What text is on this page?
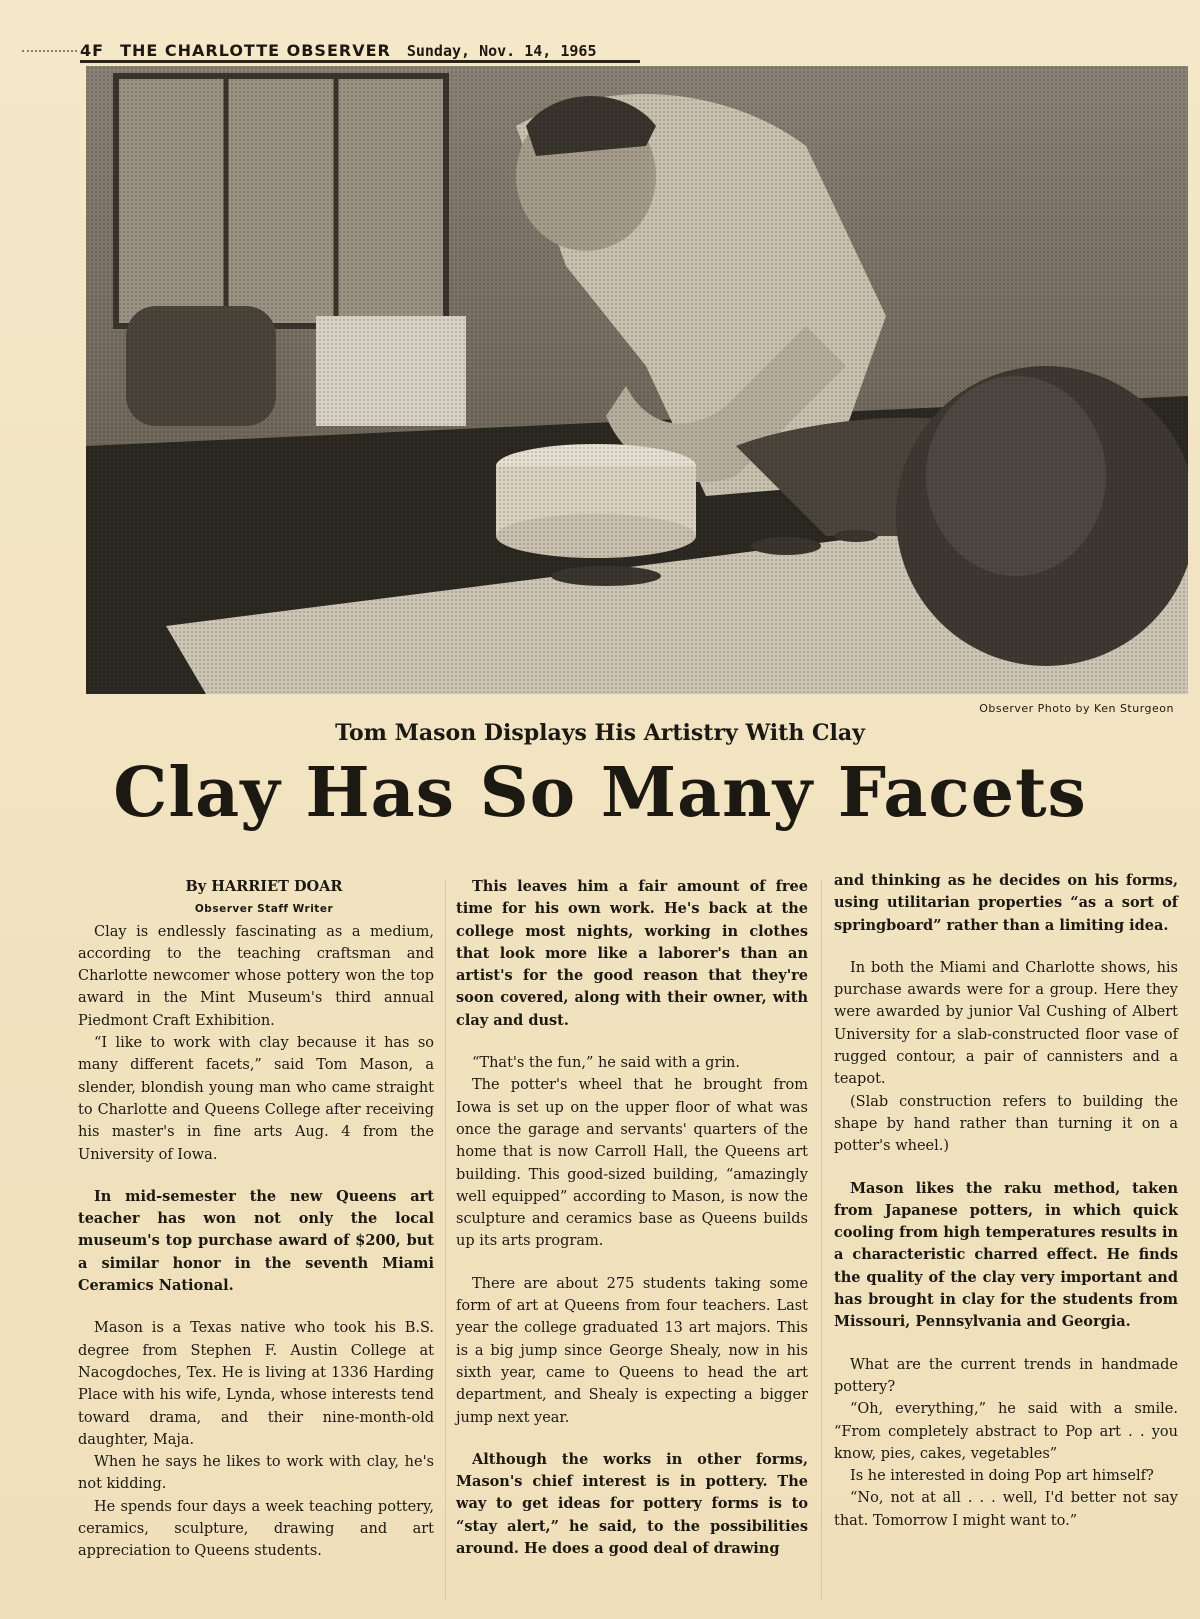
4F THE CHARLOTTE OBSERVER Sunday, Nov. 14, 1965
Observer Photo by Ken Sturgeon
Tom Mason Displays His Artistry With Clay
Clay Has So Many Facets

By HARRIET DOAR

Observer Staff Writer

Clay is endlessly fascinating as a medium, according to the teaching craftsman and Charlotte newcomer whose pottery won the top award in the Mint Museum's third annual Piedmont Craft Exhibition.

“I like to work with clay because it has so many different facets,” said Tom Mason, a slender, blondish young man who came straight to Charlotte and Queens College after receiving his master's in fine arts Aug. 4 from the University of Iowa.

In mid-semester the new Queens art teacher has won not only the local museum's top purchase award of $200, but a similar honor in the seventh Miami Ceramics National.

Mason is a Texas native who took his B.S. degree from Stephen F. Austin College at Nacogdoches, Tex. He is living at 1336 Harding Place with his wife, Lynda, whose interests tend toward drama, and their nine-month-old daughter, Maja.

When he says he likes to work with clay, he's not kidding.

He spends four days a week teaching pottery, ceramics, sculpture, drawing and art appreciation to Queens students.

This leaves him a fair amount of free time for his own work. He's back at the college most nights, working in clothes that look more like a laborer's than an artist's for the good reason that they're soon covered, along with their owner, with clay and dust.

“That's the fun,” he said with a grin.

The potter's wheel that he brought from Iowa is set up on the upper floor of what was once the garage and servants' quarters of the home that is now Carroll Hall, the Queens art building. This good-sized building, “amazingly well equipped” according to Mason, is now the sculpture and ceramics base as Queens builds up its arts program.

There are about 275 students taking some form of art at Queens from four teachers. Last year the college graduated 13 art majors. This is a big jump since George Shealy, now in his sixth year, came to Queens to head the art department, and Shealy is expecting a bigger jump next year.

Although the works in other forms, Mason's chief interest is in pottery. The way to get ideas for pottery forms is to “stay alert,” he said, to the possibilities around. He does a good deal of drawing

and thinking as he decides on his forms, using utilitarian properties “as a sort of springboard” rather than a limiting idea.

In both the Miami and Charlotte shows, his purchase awards were for a group. Here they were awarded by junior Val Cushing of Albert University for a slab-constructed floor vase of rugged contour, a pair of cannisters and a teapot.

(Slab construction refers to building the shape by hand rather than turning it on a potter's wheel.)

Mason likes the raku method, taken from Japanese potters, in which quick cooling from high temperatures results in a characteristic charred effect. He finds the quality of the clay very important and has brought in clay for the students from Missouri, Pennsylvania and Georgia.

What are the current trends in handmade pottery?

“Oh, everything,” he said with a smile. “From completely abstract to Pop art . . you know, pies, cakes, vegetables”

Is he interested in doing Pop art himself?

“No, not at all . . . well, I'd better not say that. Tomorrow I might want to.”
